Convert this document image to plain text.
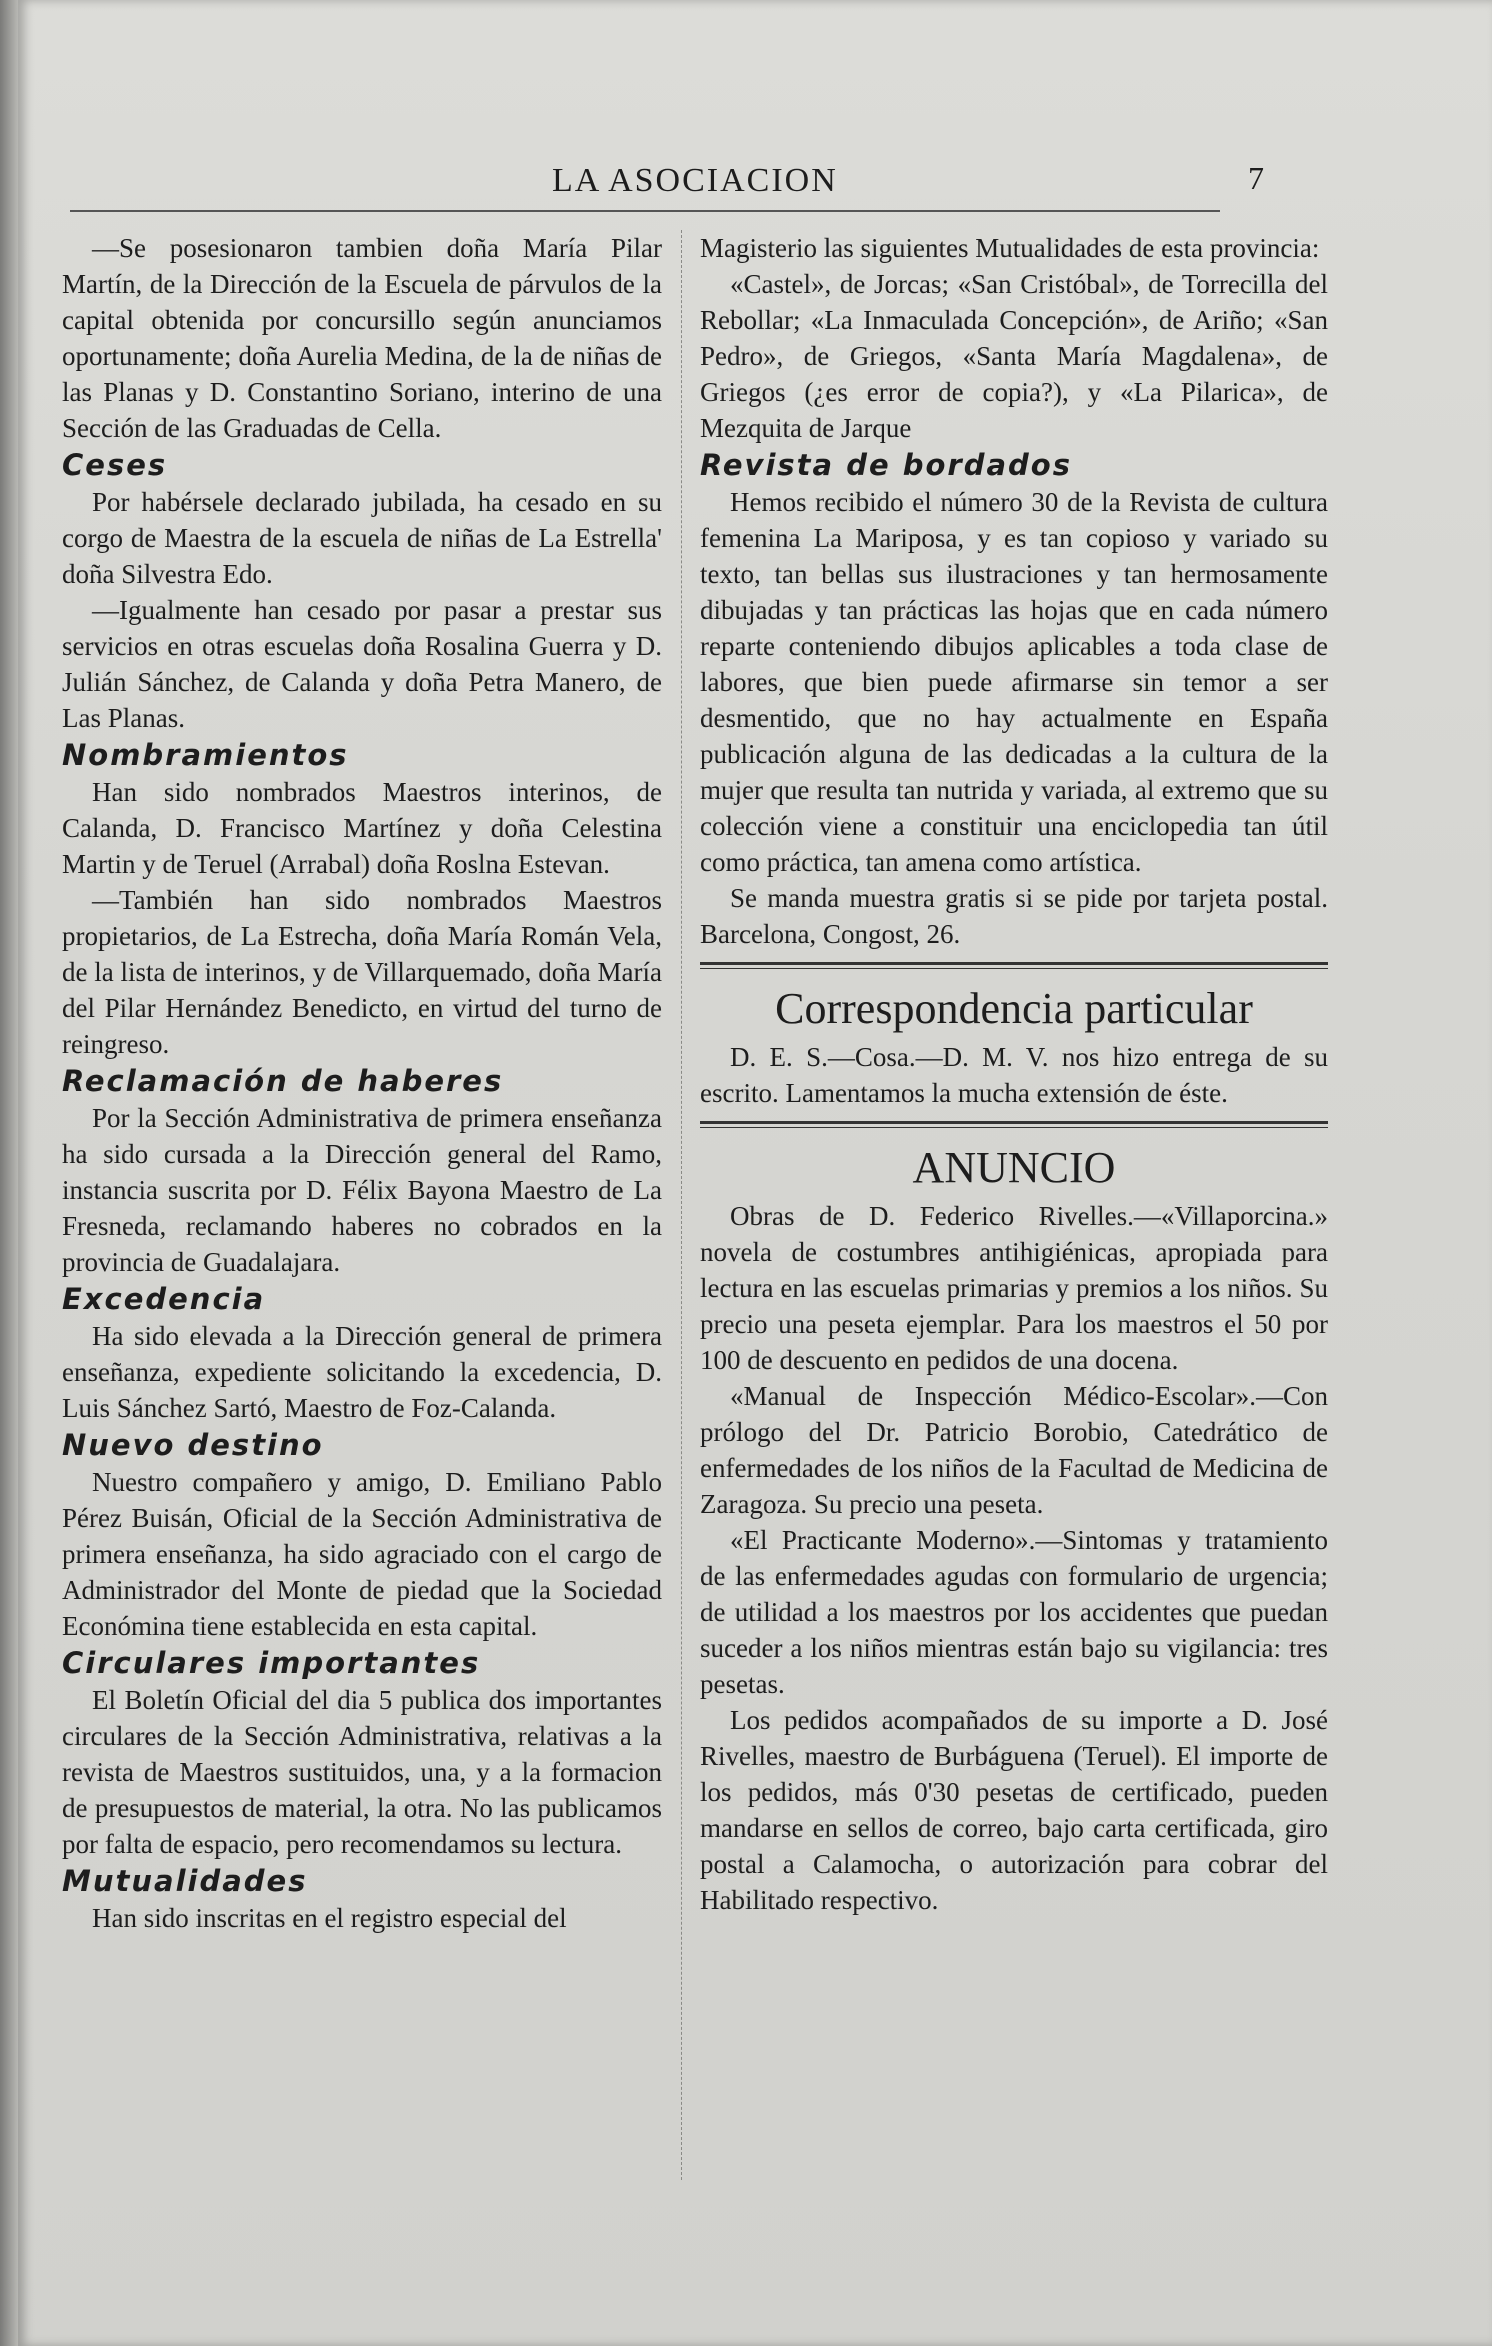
LA ASOCIACION	7

—Se posesionaron tambien doña María Pilar Martín, de la Dirección de la Escuela de párvulos de la capital obtenida por concursillo según anunciamos oportunamente; doña Aurelia Medina, de la de niñas de las Planas y D. Constantino Soriano, interino de una Sección de las Graduadas de Cella.

Ceses

Por habérsele declarado jubilada, ha cesado en su corgo de Maestra de la escuela de niñas de La Estrella' doña Silvestra Edo.

—Igualmente han cesado por pasar a prestar sus servicios en otras escuelas doña Rosalina Guerra y D. Julián Sánchez, de Calanda y doña Petra Manero, de Las Planas.

Nombramientos

Han sido nombrados Maestros interinos, de Calanda, D. Francisco Martínez y doña Celestina Martin y de Teruel (Arrabal) doña Roslna Estevan.

—También han sido nombrados Maestros propietarios, de La Estrecha, doña María Román Vela, de la lista de interinos, y de Villarquemado, doña María del Pilar Hernández Benedicto, en virtud del turno de reingreso.

Reclamación de haberes

Por la Sección Administrativa de primera enseñanza ha sido cursada a la Dirección general del Ramo, instancia suscrita por D. Félix Bayona Maestro de La Fresneda, reclamando haberes no cobrados en la provincia de Guadalajara.

Excedencia

Ha sido elevada a la Dirección general de primera enseñanza, expediente solicitando la excedencia, D. Luis Sánchez Sartó, Maestro de Foz-Calanda.

Nuevo destino

Nuestro compañero y amigo, D. Emiliano Pablo Pérez Buisán, Oficial de la Sección Administrativa de primera enseñanza, ha sido agraciado con el cargo de Administrador del Monte de piedad que la Sociedad Económina tiene establecida en esta capital.

Circulares importantes

El Boletín Oficial del dia 5 publica dos importantes circulares de la Sección Administrativa, relativas a la revista de Maestros sustituidos, una, y a la formacion de presupuestos de material, la otra. No las publicamos por falta de espacio, pero recomendamos su lectura.

Mutualidades

Han sido inscritas en el registro especial del

Magisterio las siguientes Mutualidades de esta provincia:

«Castel», de Jorcas; «San Cristóbal», de Torrecilla del Rebollar; «La Inmaculada Concepción», de Ariño; «San Pedro», de Griegos, «Santa María Magdalena», de Griegos (¿es error de copia?), y «La Pilarica», de Mezquita de Jarque

Revista de bordados

Hemos recibido el número 30 de la Revista de cultura femenina La Mariposa, y es tan copioso y variado su texto, tan bellas sus ilustraciones y tan hermosamente dibujadas y tan prácticas las hojas que en cada número reparte conteniendo dibujos aplicables a toda clase de labores, que bien puede afirmarse sin temor a ser desmentido, que no hay actualmente en España publicación alguna de las dedicadas a la cultura de la mujer que resulta tan nutrida y variada, al extremo que su colección viene a constituir una enciclopedia tan útil como práctica, tan amena como artística.

Se manda muestra gratis si se pide por tarjeta postal. Barcelona, Congost, 26.

Correspondencia particular

D. E. S.—Cosa.—D. M. V. nos hizo entrega de su escrito. Lamentamos la mucha extensión de éste.

ANUNCIO

Obras de D. Federico Rivelles.—«Villaporcina.» novela de costumbres antihigiénicas, apropiada para lectura en las escuelas primarias y premios a los niños. Su precio una peseta ejemplar. Para los maestros el 50 por 100 de descuento en pedidos de una docena.

«Manual de Inspección Médico-Escolar».—Con prólogo del Dr. Patricio Borobio, Catedrático de enfermedades de los niños de la Facultad de Medicina de Zaragoza. Su precio una peseta.

«El Practicante Moderno».—Sintomas y tratamiento de las enfermedades agudas con formulario de urgencia; de utilidad a los maestros por los accidentes que puedan suceder a los niños mientras están bajo su vigilancia: tres pesetas.

Los pedidos acompañados de su importe a D. José Rivelles, maestro de Burbáguena (Teruel). El importe de los pedidos, más 0'30 pesetas de certificado, pueden mandarse en sellos de correo, bajo carta certificada, giro postal a Calamocha, o autorización para cobrar del Habilitado respectivo.
